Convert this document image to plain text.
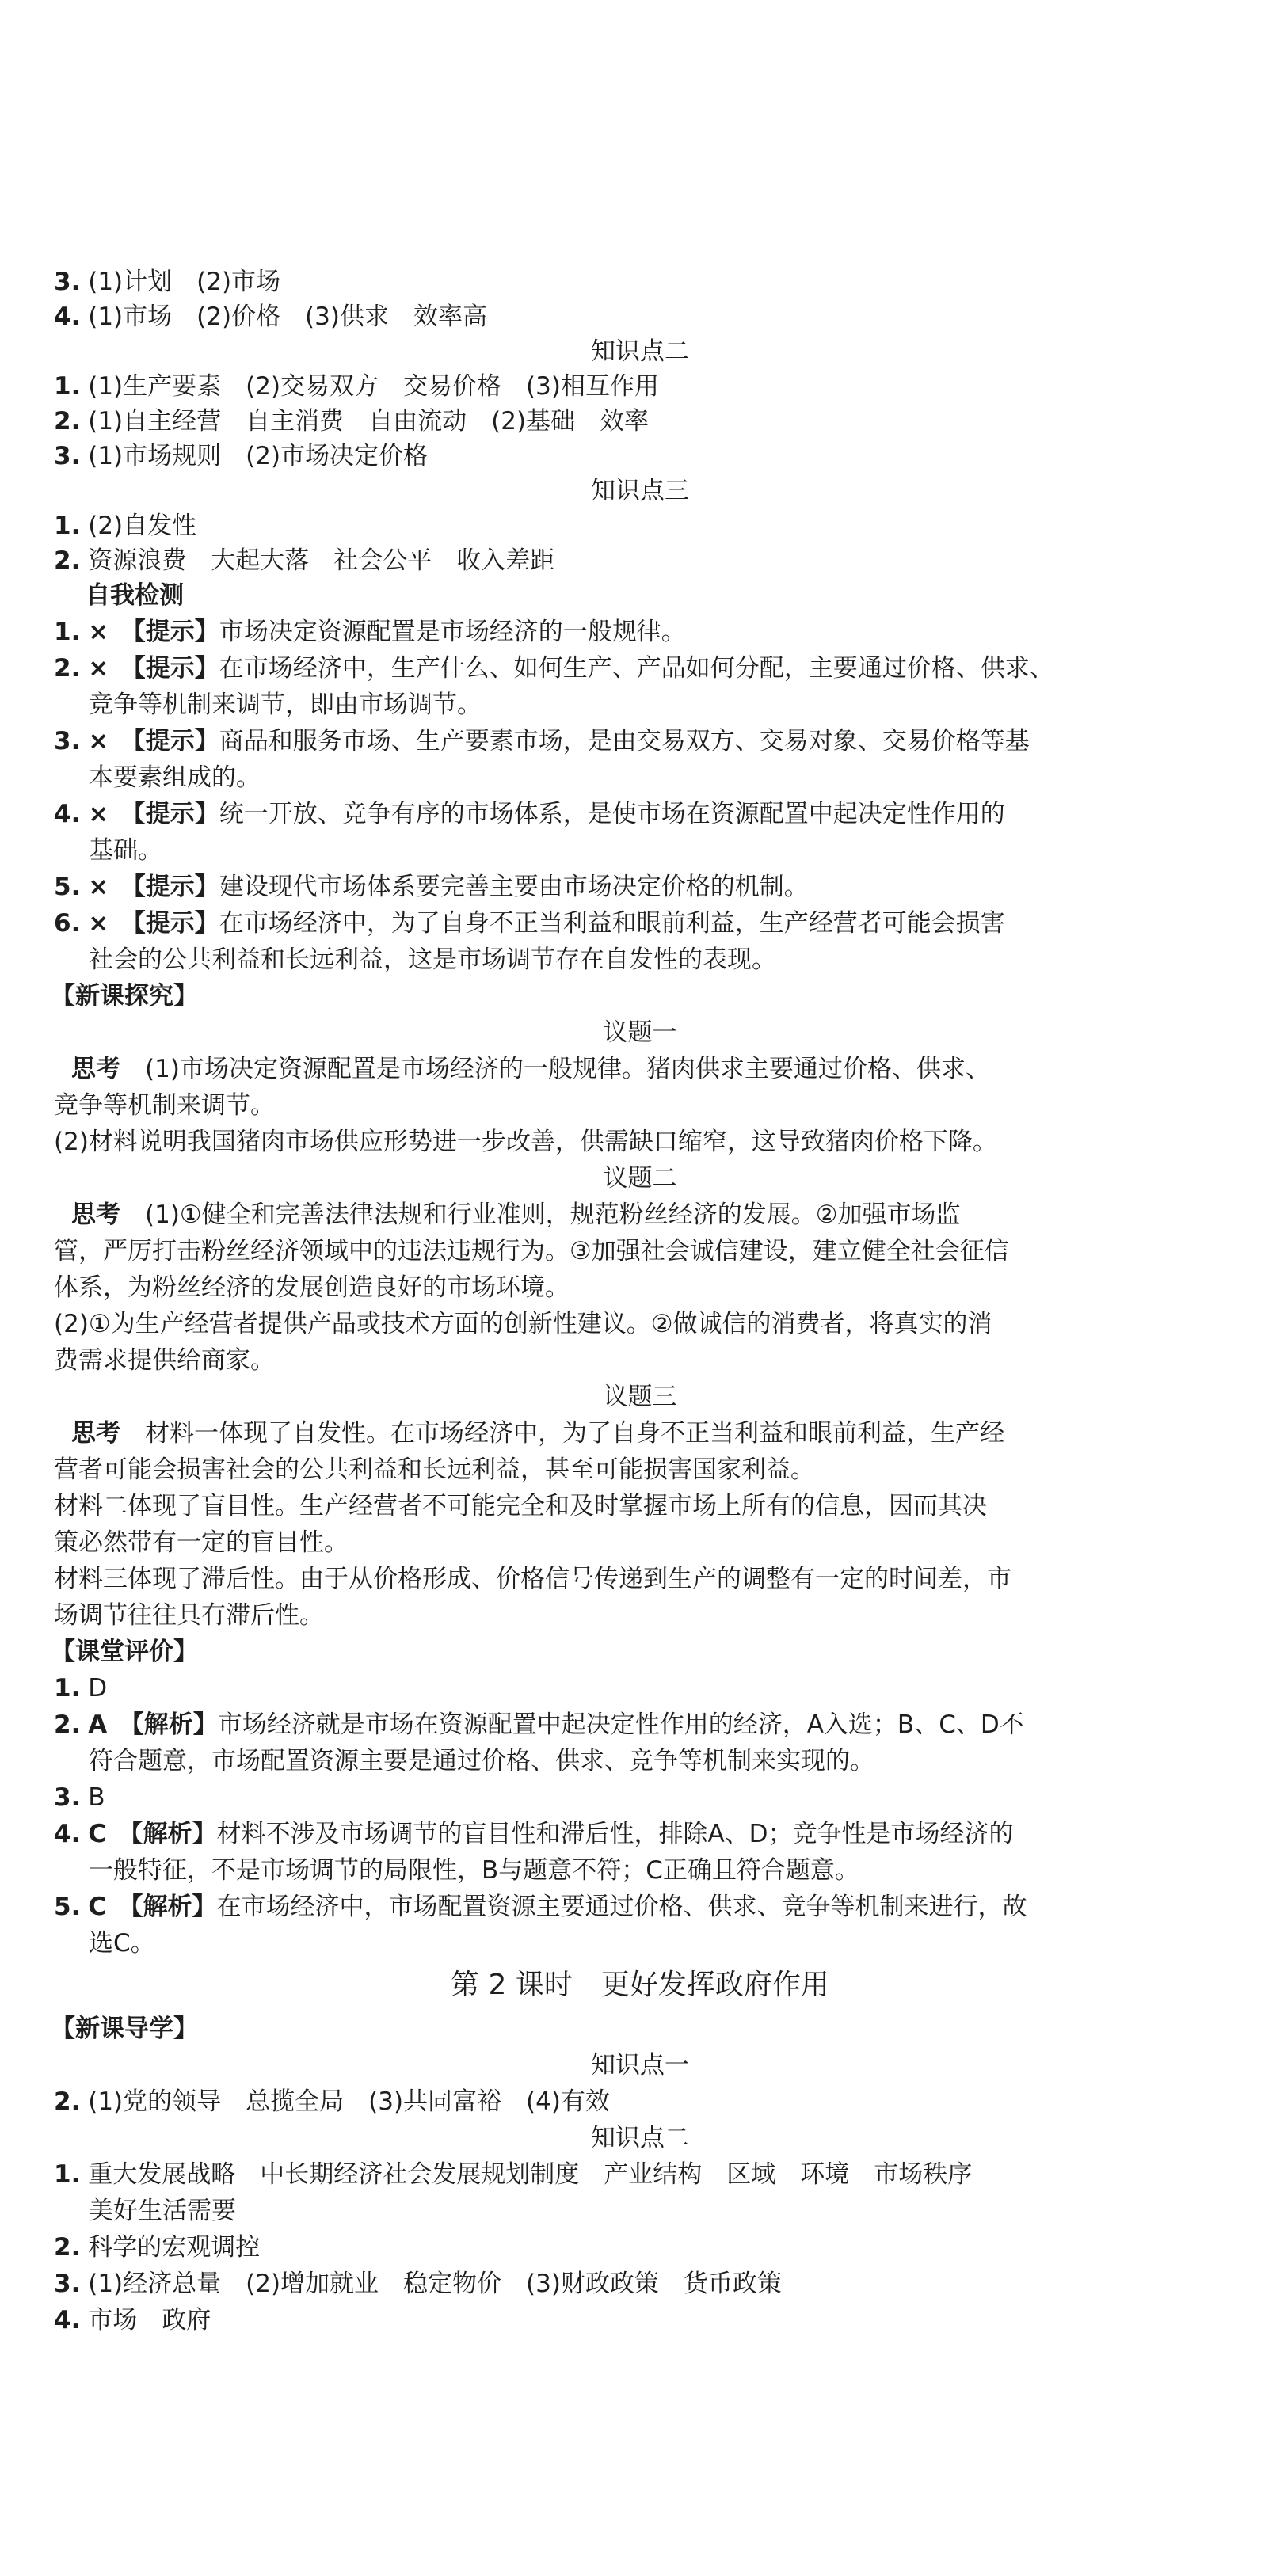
3. (1)计划　(2)市场
4. (1)市场　(2)价格　(3)供求　效率高
知识点二
1. (1)生产要素　(2)交易双方　交易价格　(3)相互作用
2. (1)自主经营　自主消费　自由流动　(2)基础　效率
3. (1)市场规则　(2)市场决定价格
知识点三
1. (2)自发性
2. 资源浪费　大起大落　社会公平　收入差距
自我检测
1. ×　【提示】市场决定资源配置是市场经济的一般规律。
2. ×　【提示】在市场经济中，生产什么、如何生产、产品如何分配，主要通过价格、供求、
竞争等机制来调节，即由市场调节。
3. ×　【提示】商品和服务市场、生产要素市场，是由交易双方、交易对象、交易价格等基
本要素组成的。
4. ×　【提示】统一开放、竞争有序的市场体系，是使市场在资源配置中起决定性作用的
基础。
5. ×　【提示】建设现代市场体系要完善主要由市场决定价格的机制。
6. ×　【提示】在市场经济中，为了自身不正当利益和眼前利益，生产经营者可能会损害
社会的公共利益和长远利益，这是市场调节存在自发性的表现。
【新课探究】
议题一
思考　 (1)市场决定资源配置是市场经济的一般规律。猪肉供求主要通过价格、供求、
竞争等机制来调节。
(2)材料说明我国猪肉市场供应形势进一步改善，供需缺口缩窄，这导致猪肉价格下降。
议题二
思考　 (1)①健全和完善法律法规和行业准则，规范粉丝经济的发展。②加强市场监
管，严厉打击粉丝经济领域中的违法违规行为。③加强社会诚信建设，建立健全社会征信
体系，为粉丝经济的发展创造良好的市场环境。
(2)①为生产经营者提供产品或技术方面的创新性建议。②做诚信的消费者，将真实的消
费需求提供给商家。
议题三
思考　 材料一体现了自发性。在市场经济中，为了自身不正当利益和眼前利益，生产经
营者可能会损害社会的公共利益和长远利益，甚至可能损害国家利益。
材料二体现了盲目性。生产经营者不可能完全和及时掌握市场上所有的信息，因而其决
策必然带有一定的盲目性。
材料三体现了滞后性。由于从价格形成、价格信号传递到生产的调整有一定的时间差，市
场调节往往具有滞后性。
【课堂评价】
1. D
2. A　【解析】市场经济就是市场在资源配置中起决定性作用的经济，A入选；B、C、D不
符合题意，市场配置资源主要是通过价格、供求、竞争等机制来实现的。
3. B
4. C　【解析】材料不涉及市场调节的盲目性和滞后性，排除A、D；竞争性是市场经济的
一般特征，不是市场调节的局限性，B与题意不符；C正确且符合题意。
5. C　【解析】在市场经济中，市场配置资源主要通过价格、供求、竞争等机制来进行，故
选C。
第 2 课时　更好发挥政府作用
【新课导学】
知识点一
2. (1)党的领导　总揽全局　(3)共同富裕　(4)有效
知识点二
1. 重大发展战略　中长期经济社会发展规划制度　产业结构　区域　环境　市场秩序
美好生活需要
2. 科学的宏观调控
3. (1)经济总量　(2)增加就业　稳定物价　(3)财政政策　货币政策
4. 市场　政府
